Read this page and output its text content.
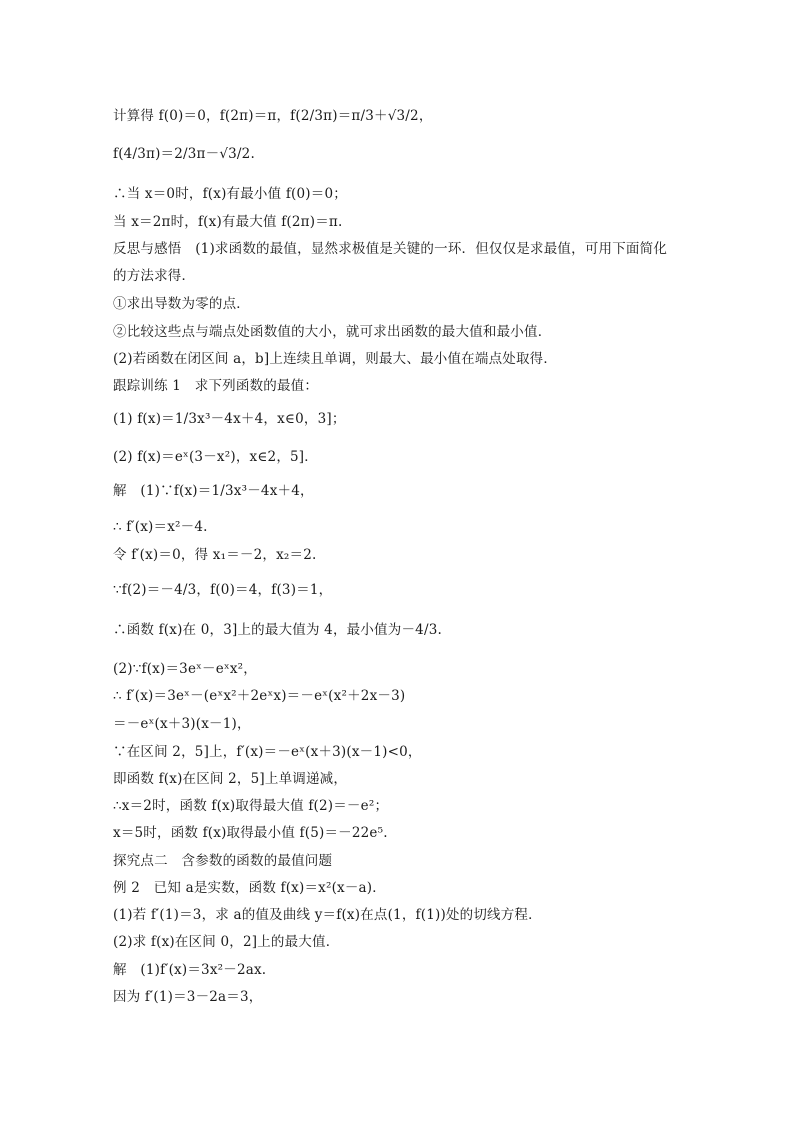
计算得 f(0)＝0，f(2π)＝π，f(2/3π)＝π/3＋√3/2，
f(4/3π)＝2/3π－√3/2.
∴当 x＝0时，f(x)有最小值 f(0)＝0；
当 x＝2π时，f(x)有最大值 f(2π)＝π.
反思与感悟　(1)求函数的最值，显然求极值是关键的一环．但仅仅是求最值，可用下面简化
的方法求得．
①求出导数为零的点．
②比较这些点与端点处函数值的大小，就可求出函数的最大值和最小值．
(2)若函数在闭区间 a，b]上连续且单调，则最大、最小值在端点处取得．
跟踪训练 1　求下列函数的最值：
(1) f(x)＝1/3x³－4x＋4，x∈0，3]；
(2) f(x)＝eˣ(3－x²)，x∈2，5]．
解　(1)∵f(x)＝1/3x³－4x＋4，
∴ f′(x)＝x²－4.
令 f′(x)＝0，得 x₁＝－2，x₂＝2.
∵f(2)＝－4/3，f(0)＝4，f(3)＝1，
∴函数 f(x)在 0，3]上的最大值为 4，最小值为－4/3.
(2)∵f(x)＝3eˣ－eˣx²，
∴ f′(x)＝3eˣ－(eˣx²＋2eˣx)＝－eˣ(x²＋2x－3)
＝－eˣ(x＋3)(x－1)，
∵在区间 2，5]上，f′(x)＝－eˣ(x＋3)(x－1)<0，
即函数 f(x)在区间 2，5]上单调递减，
∴x＝2时，函数 f(x)取得最大值 f(2)＝－e²；
x＝5时，函数 f(x)取得最小值 f(5)＝－22e⁵.
探究点二　含参数的函数的最值问题
例 2　已知 a是实数，函数 f(x)＝x²(x－a)．
(1)若 f′(1)＝3，求 a的值及曲线 y＝f(x)在点(1，f(1))处的切线方程．
(2)求 f(x)在区间 0，2]上的最大值．
解　(1)f′(x)＝3x²－2ax.
因为 f′(1)＝3－2a＝3，
